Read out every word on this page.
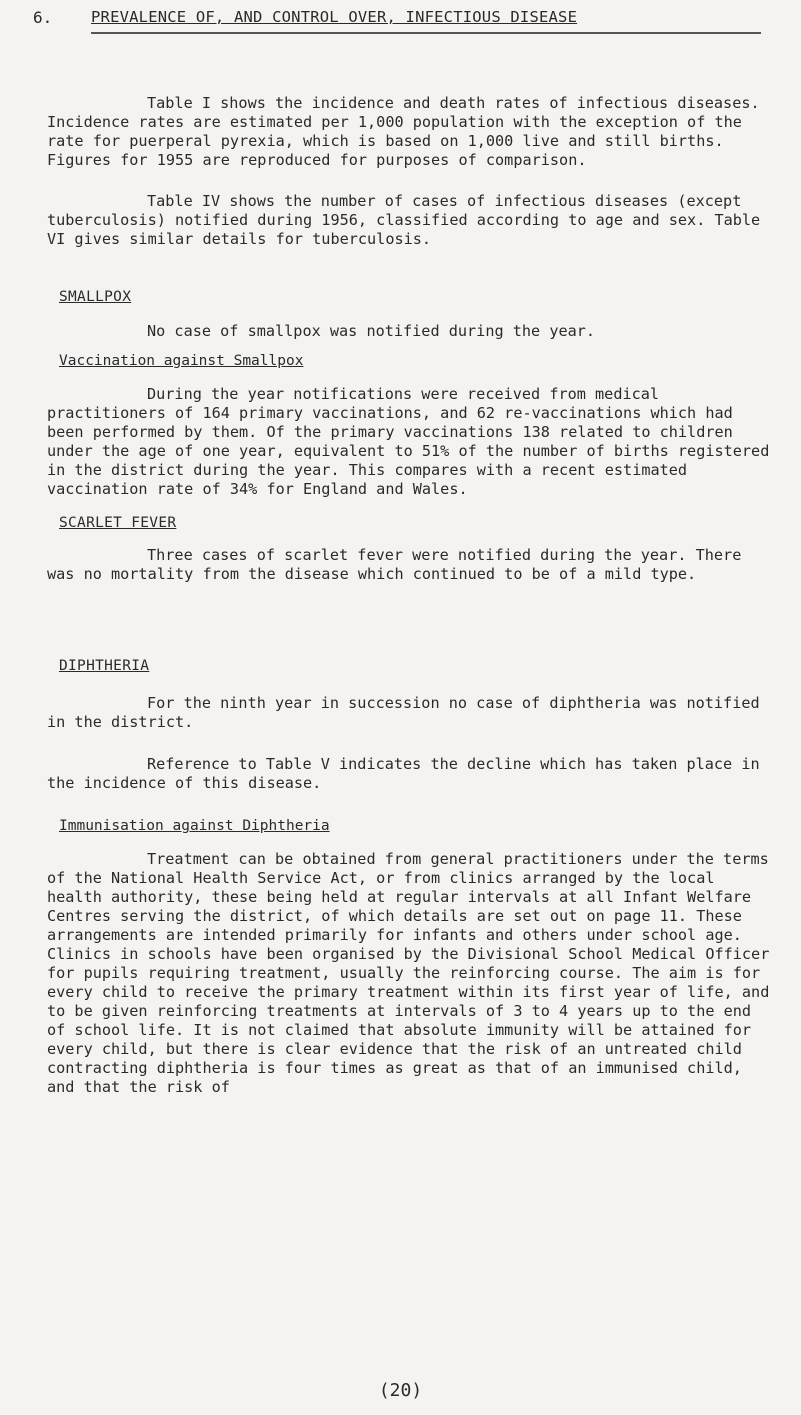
6. PREVALENCE OF, AND CONTROL OVER, INFECTIOUS DISEASE

Table I shows the incidence and death rates of infectious diseases. Incidence rates are estimated per 1,000 population with the exception of the rate for puerperal pyrexia, which is based on 1,000 live and still births. Figures for 1955 are reproduced for purposes of comparison.

Table IV shows the number of cases of infectious diseases (except tuberculosis) notified during 1956, classified according to age and sex. Table VI gives similar details for tuberculosis.

SMALLPOX

No case of smallpox was notified during the year.

Vaccination against Smallpox

During the year notifications were received from medical practitioners of 164 primary vaccinations, and 62 re-vaccinations which had been performed by them. Of the primary vaccinations 138 related to children under the age of one year, equivalent to 51% of the number of births registered in the district during the year. This compares with a recent estimated vaccination rate of 34% for England and Wales.

SCARLET FEVER

Three cases of scarlet fever were notified during the year. There was no mortality from the disease which continued to be of a mild type.

DIPHTHERIA

For the ninth year in succession no case of diphtheria was notified in the district.

Reference to Table V indicates the decline which has taken place in the incidence of this disease.

Immunisation against Diphtheria

Treatment can be obtained from general practitioners under the terms of the National Health Service Act, or from clinics arranged by the local health authority, these being held at regular intervals at all Infant Welfare Centres serving the district, of which details are set out on page 11. These arrangements are intended primarily for infants and others under school age. Clinics in schools have been organised by the Divisional School Medical Officer for pupils requiring treatment, usually the reinforcing course. The aim is for every child to receive the primary treatment within its first year of life, and to be given reinforcing treatments at intervals of 3 to 4 years up to the end of school life. It is not claimed that absolute immunity will be attained for every child, but there is clear evidence that the risk of an untreated child contracting diphtheria is four times as great as that of an immunised child, and that the risk of

(20)
